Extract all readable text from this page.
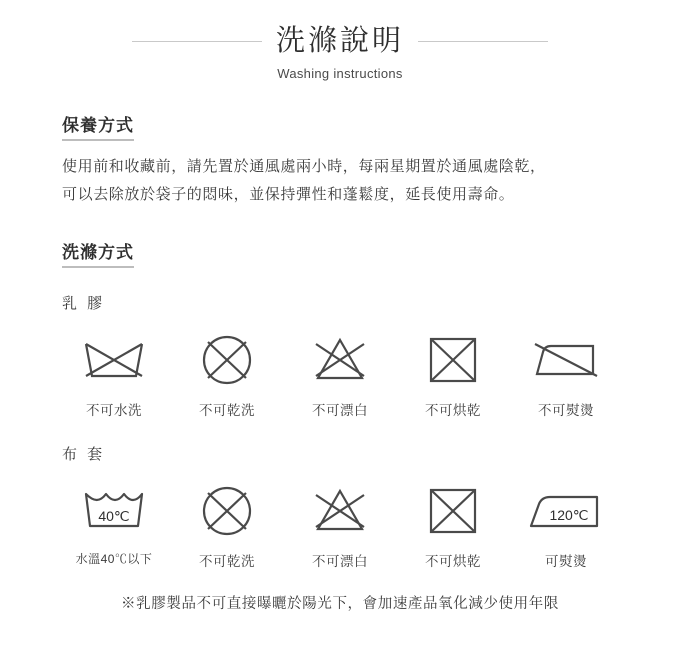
洗滌說明
Washing instructions
保養方式
使用前和收藏前，請先置於通風處兩小時，每兩星期置於通風處陰乾，
可以去除放於袋子的悶味，並保持彈性和蓬鬆度，延長使用壽命。
洗滌方式
乳 膠
不可水洗	不可乾洗	不可漂白	不可烘乾	不可熨燙
布 套
40℃
水溫40℃以下	不可乾洗	不可漂白	不可烘乾
120℃
可熨燙
※乳膠製品不可直接曝曬於陽光下，會加速產品氧化減少使用年限
